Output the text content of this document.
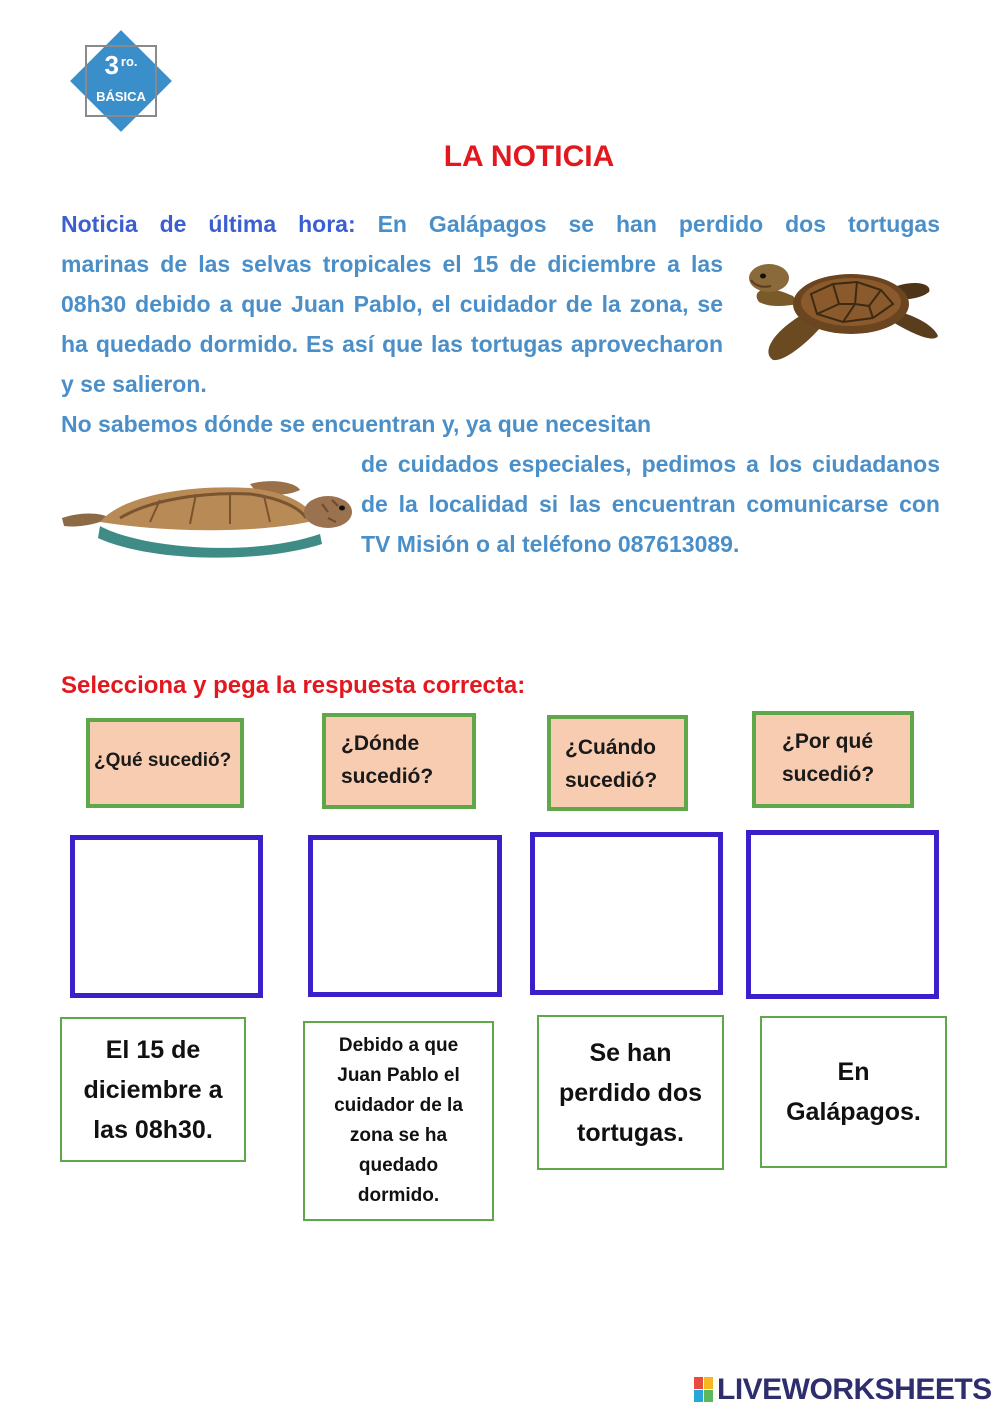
3 $^{ro.}$
BÁSICA
LA NOTICIA
Noticia de última hora: En Galápagos se han perdido dos tortugas
marinas de las selvas tropicales el 15 de diciembre a las 08h30 debido a que Juan Pablo, el cuidador de la zona, se ha quedado dormido. Es así que las tortugas aprovecharon y se salieron.
No sabemos dónde se encuentran y, ya que necesitan
de cuidados especiales, pedimos a los ciudadanos de la localidad si las encuentran comunicarse con TV Misión o al teléfono 087613089.
Selecciona y pega la respuesta correcta:
¿Qué sucedió?
¿Dónde
sucedió?
¿Cuándo
sucedió?
¿Por qué
sucedió?
El 15 de diciembre a las 08h30.
Debido a que Juan Pablo el cuidador de la zona se ha quedado dormido.
Se han perdido dos tortugas.
En Galápagos.
LIVEWORKSHEETS
